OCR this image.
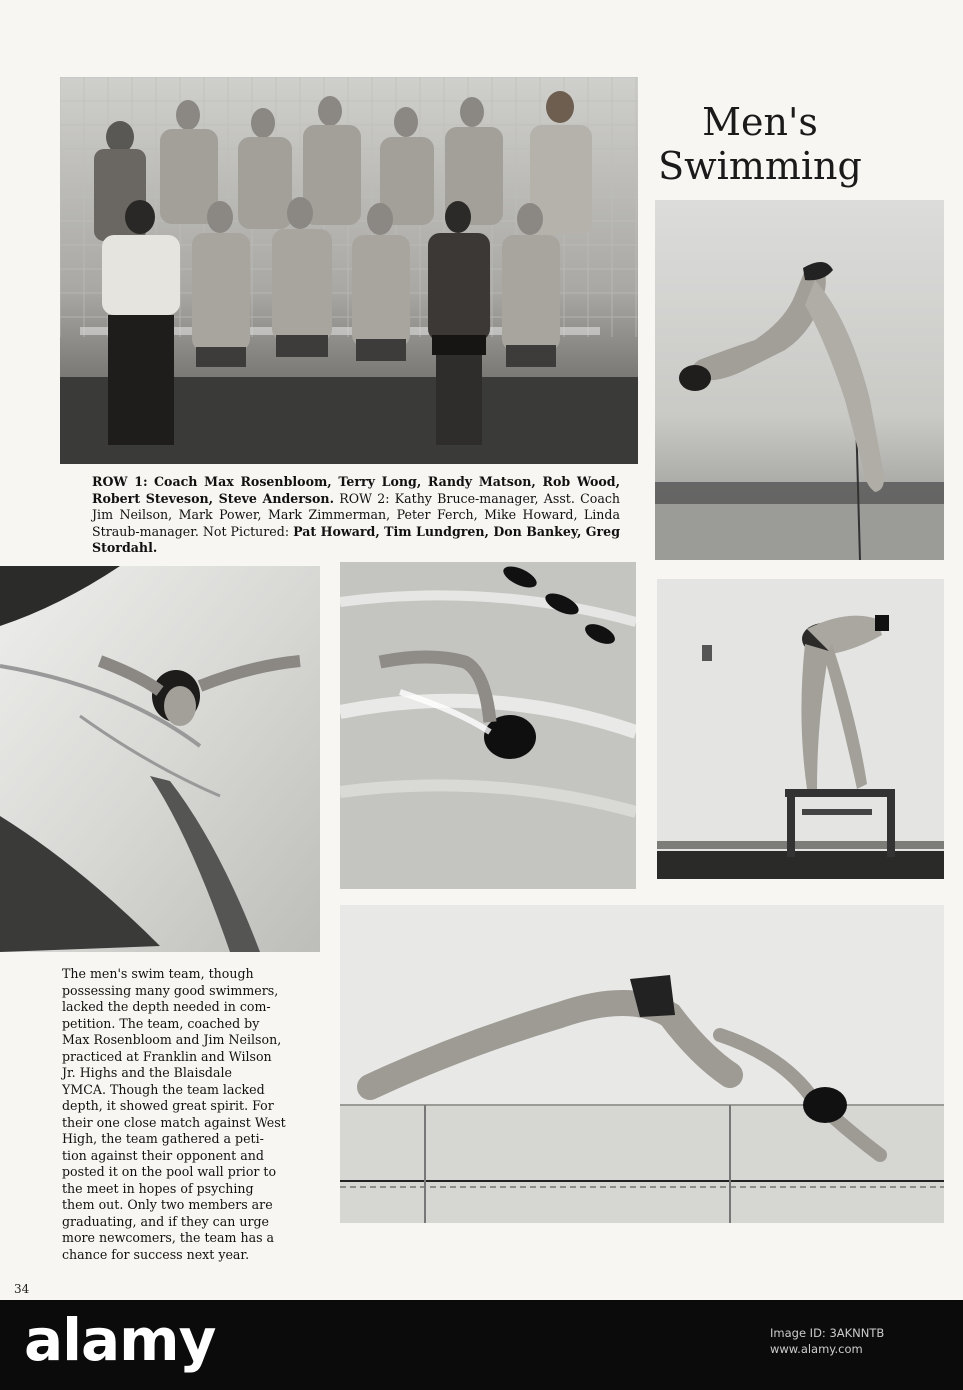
Men's
Swimming
ROW 1: Coach Max Rosenbloom, Terry Long, Randy Matson, Rob Wood, Robert Steveson, Steve Anderson. ROW 2: Kathy Bruce-manager, Asst. Coach Jim Neilson, Mark Power, Mark Zimmerman, Peter Ferch, Mike Howard, Linda Straub-manager. Not Pictured: Pat Howard, Tim Lundgren, Don Bankey, Greg Stordahl.
The men's swim team, though
possessing many good swimmers,
lacked the depth needed in com-
petition. The team, coached by
Max Rosenbloom and Jim Neilson,
practiced at Franklin and Wilson
Jr. Highs and the Blaisdale
YMCA. Though the team lacked
depth, it showed great spirit. For
their one close match against West
High, the team gathered a peti-
tion against their opponent and
posted it on the pool wall prior to
the meet in hopes of psyching
them out. Only two members are
graduating, and if they can urge
more newcomers, the team has a
chance for success next year.
34
alamy	Image ID: 3AKNNTB
www.alamy.com
